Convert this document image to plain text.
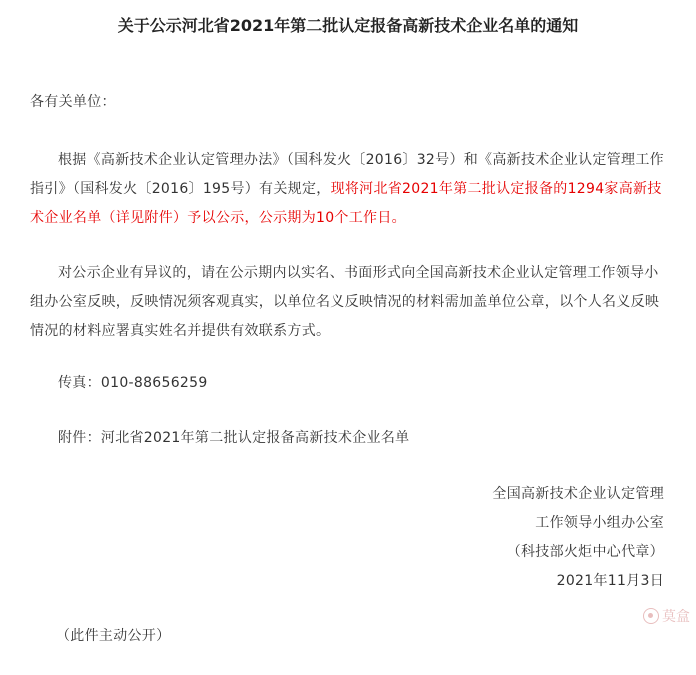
关于公示河北省2021年第二批认定报备高新技术企业名单的通知

各有关单位：

根据《高新技术企业认定管理办法》（国科发火〔2016〕32号）和《高新技术企业认定管理工作指引》（国科发火〔2016〕195号）有关规定，现将河北省2021年第二批认定报备的1294家高新技术企业名单（详见附件）予以公示，公示期为10个工作日。

对公示企业有异议的，请在公示期内以实名、书面形式向全国高新技术企业认定管理工作领导小组办公室反映，反映情况须客观真实，以单位名义反映情况的材料需加盖单位公章，以个人名义反映情况的材料应署真实姓名并提供有效联系方式。

传真：010-88656259

附件：河北省2021年第二批认定报备高新技术企业名单

全国高新技术企业认定管理

工作领导小组办公室

（科技部火炬中心代章）

2021年11月3日

（此件主动公开）

莫盒
